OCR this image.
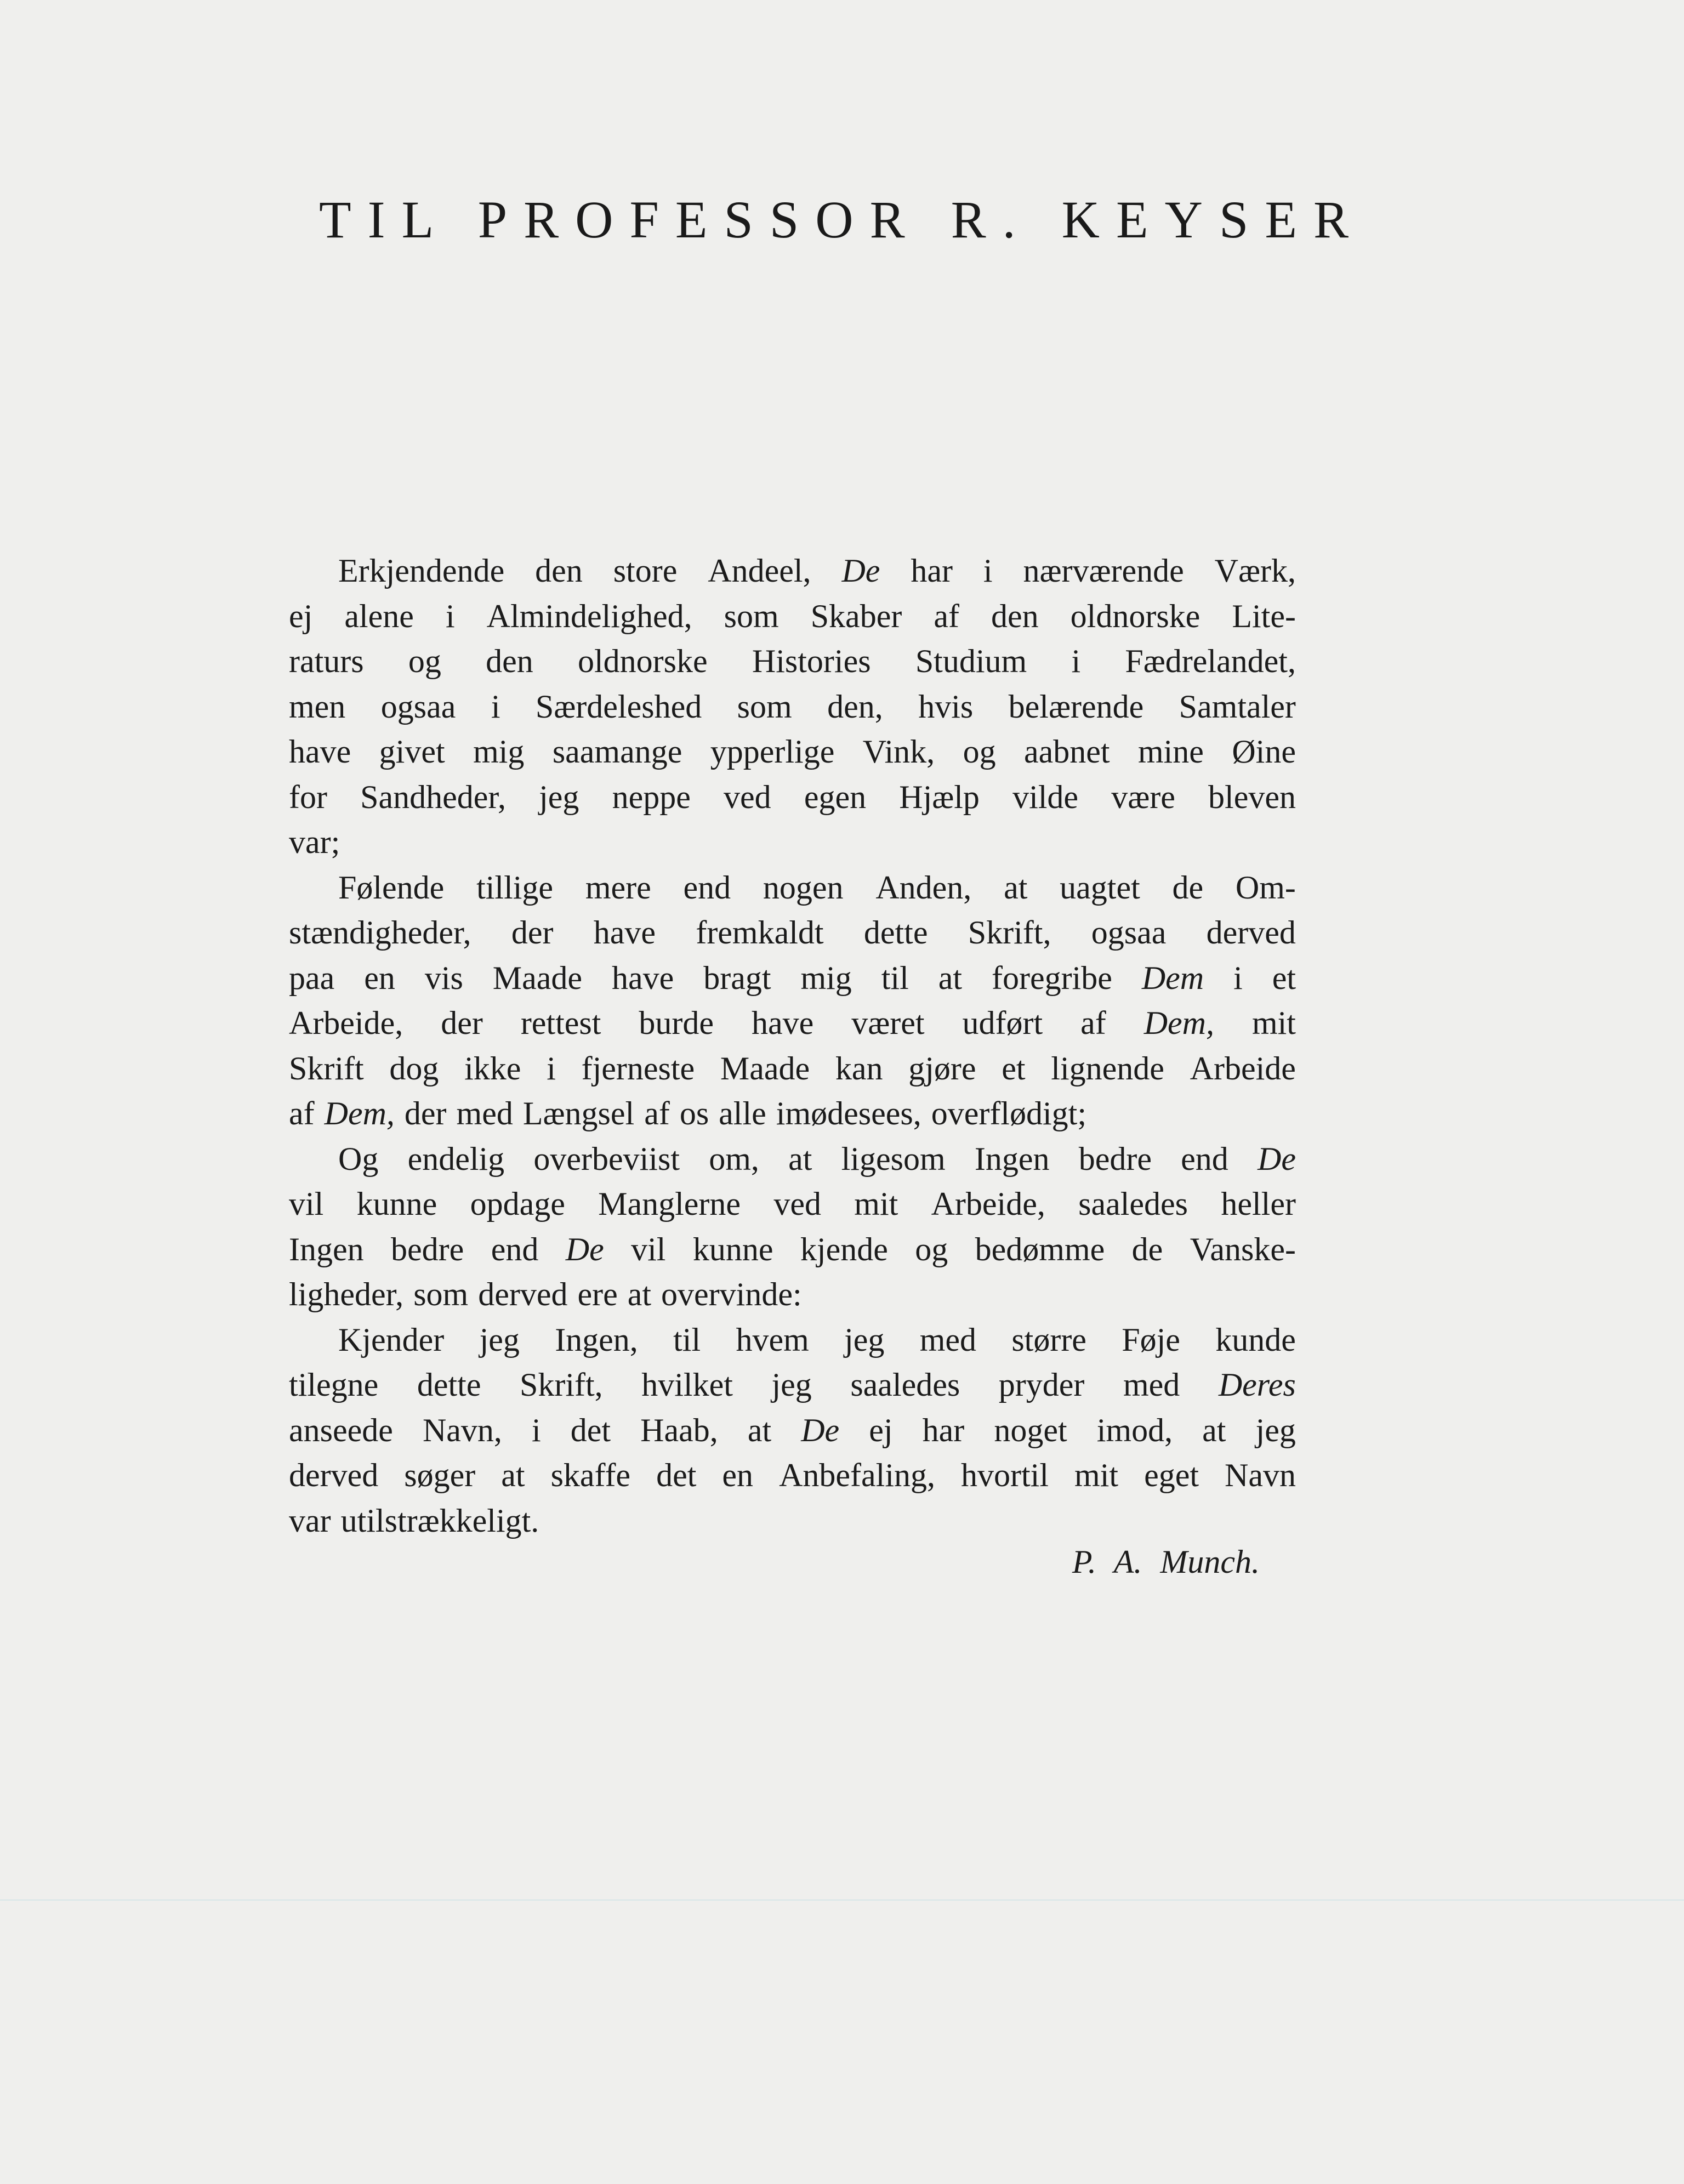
TIL PROFESSOR R. KEYSER
Erkjendende den store Andeel, De har i nærværende Værk,
ej alene i Almindelighed, som Skaber af den oldnorske Lite-
raturs og den oldnorske Histories Studium i Fædrelandet,
men ogsaa i Særdeleshed som den, hvis belærende Samtaler
have givet mig saamange ypperlige Vink, og aabnet mine Øine
for Sandheder, jeg neppe ved egen Hjælp vilde være bleven
var;
Følende tillige mere end nogen Anden, at uagtet de Om-
stændigheder, der have fremkaldt dette Skrift, ogsaa derved
paa en vis Maade have bragt mig til at foregribe Dem i et
Arbeide, der rettest burde have været udført af Dem, mit
Skrift dog ikke i fjerneste Maade kan gjøre et lignende Arbeide
af Dem, der med Længsel af os alle imødesees, overflødigt;
Og endelig overbeviist om, at ligesom Ingen bedre end De
vil kunne opdage Manglerne ved mit Arbeide, saaledes heller
Ingen bedre end De vil kunne kjende og bedømme de Vanske-
ligheder, som derved ere at overvinde:
Kjender jeg Ingen, til hvem jeg med større Føje kunde
tilegne dette Skrift, hvilket jeg saaledes pryder med Deres
anseede Navn, i det Haab, at De ej har noget imod, at jeg
derved søger at skaffe det en Anbefaling, hvortil mit eget Navn
var utilstrækkeligt.
P. A. Munch.
